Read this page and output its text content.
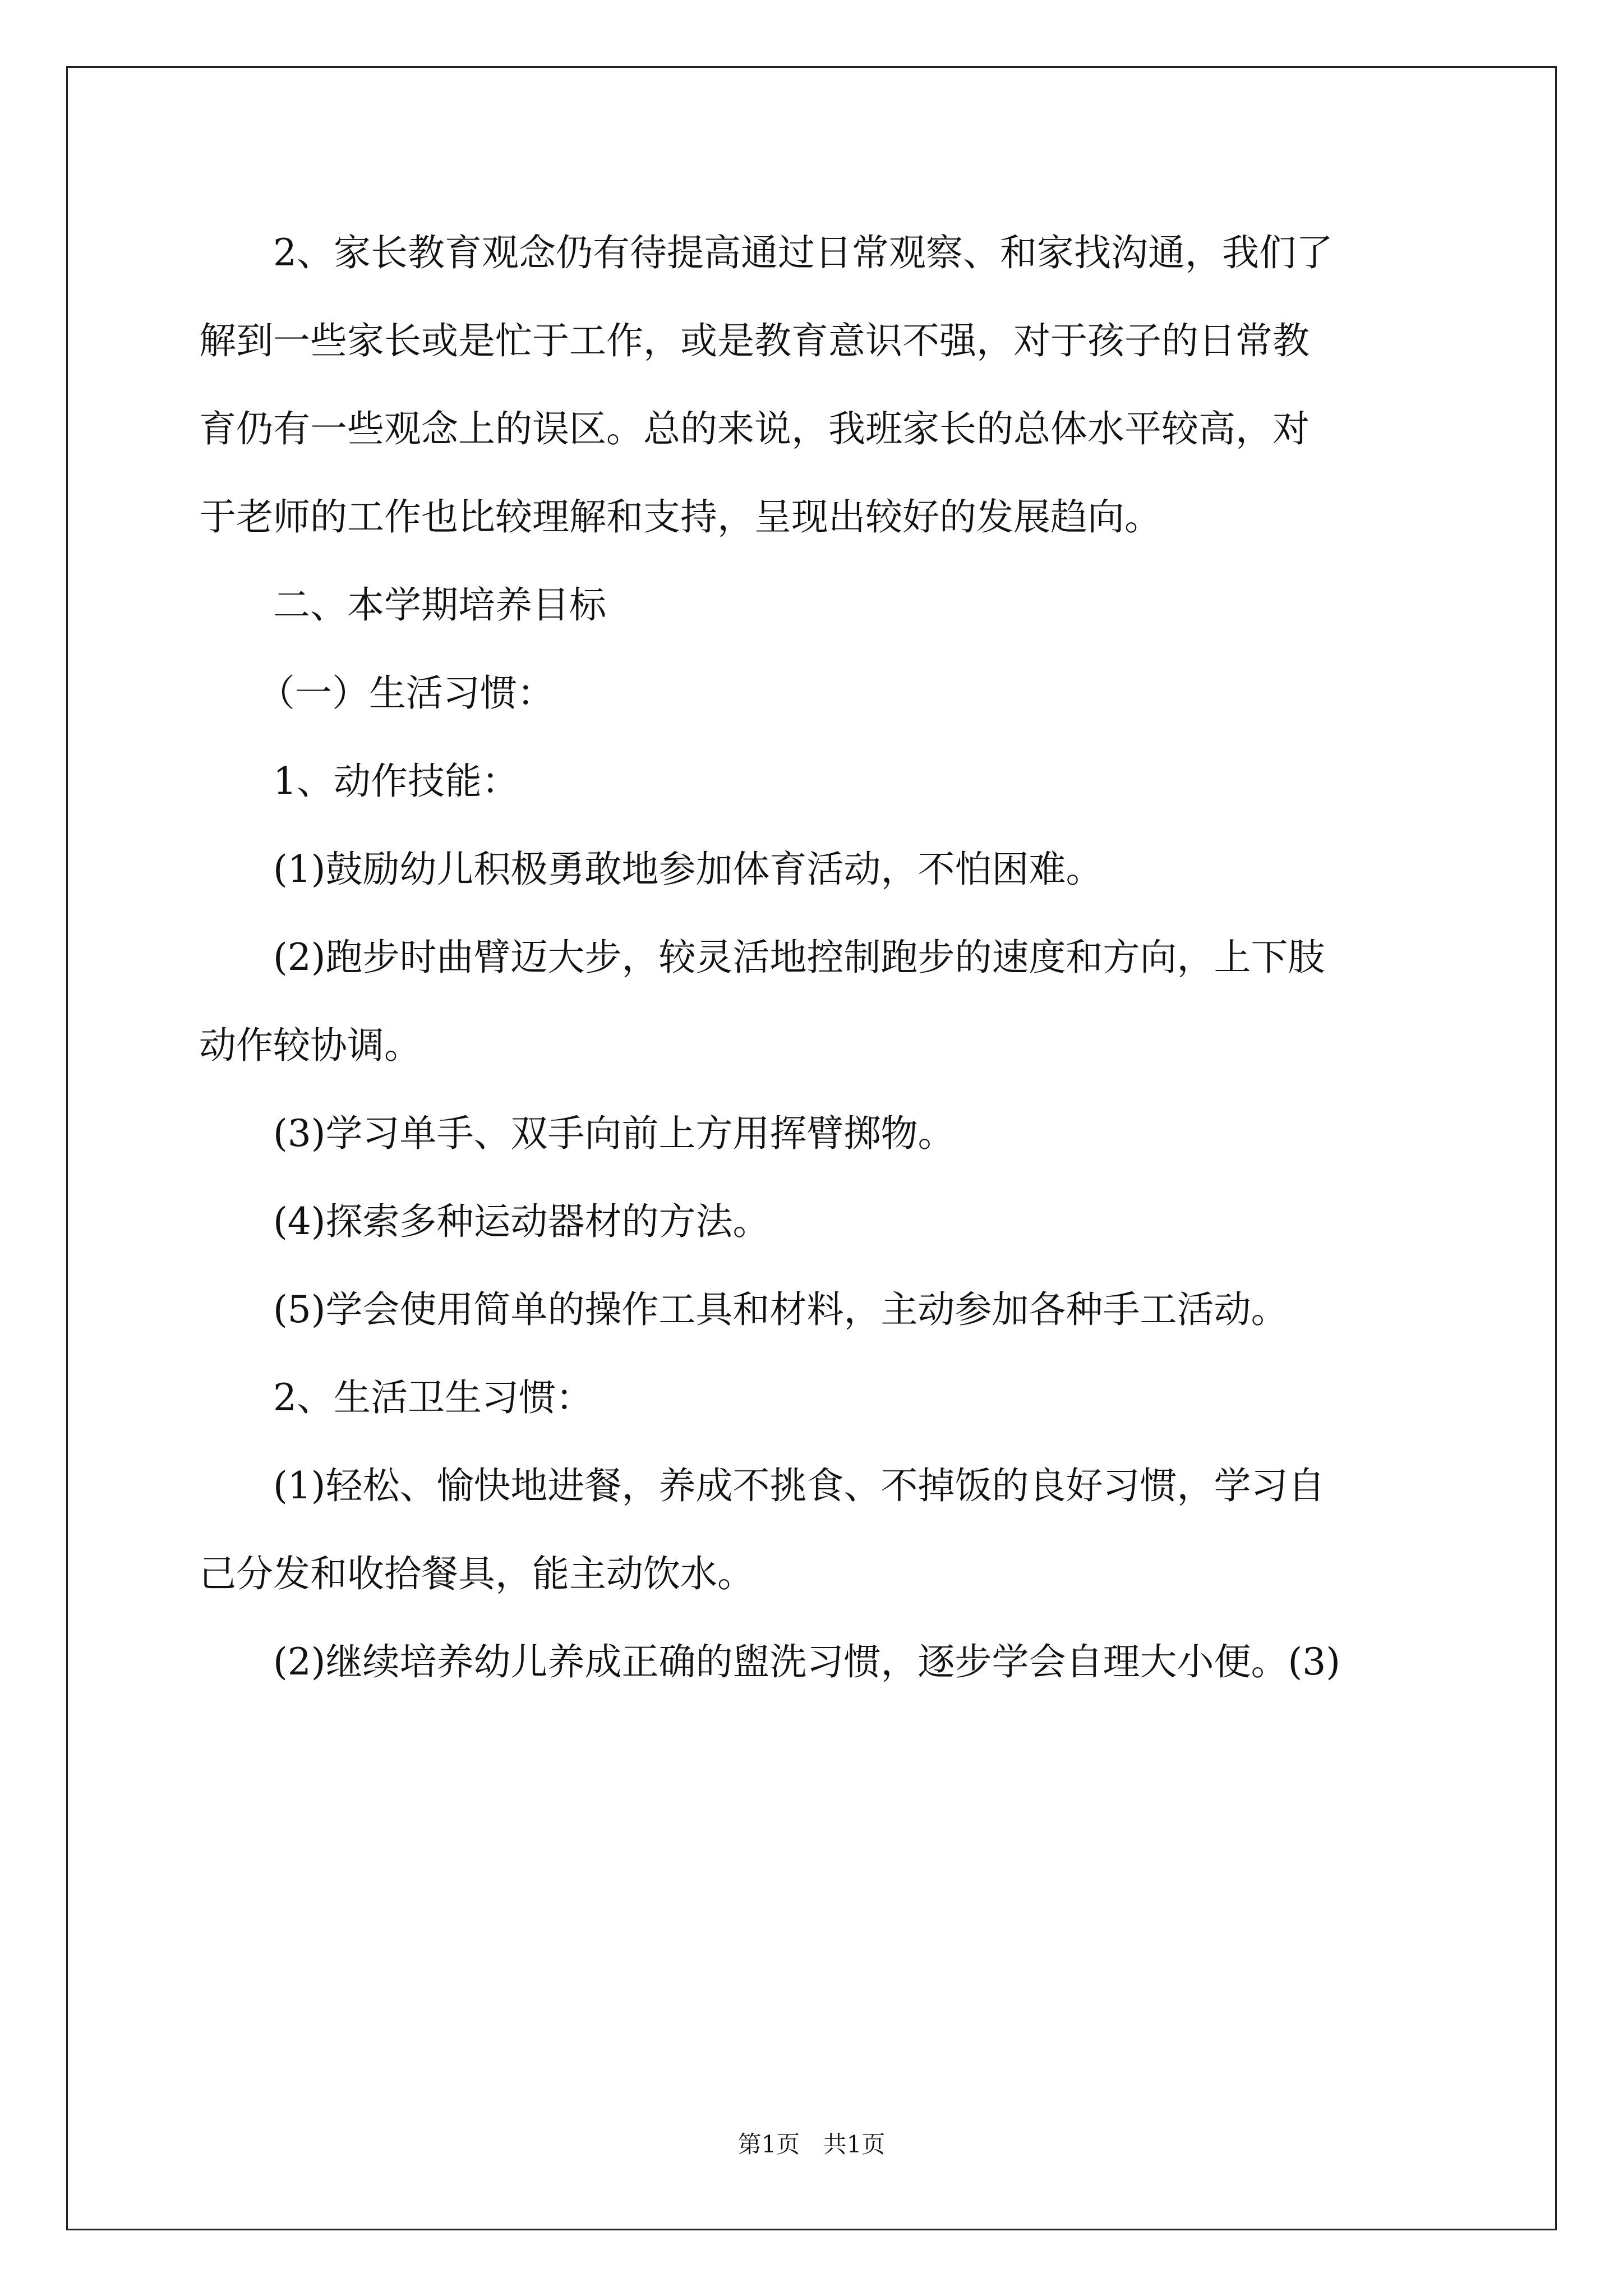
2、家长教育观念仍有待提高通过日常观察、和家找沟通，我们了
解到一些家长或是忙于工作，或是教育意识不强，对于孩子的日常教
育仍有一些观念上的误区。总的来说，我班家长的总体水平较高，对
于老师的工作也比较理解和支持，呈现出较好的发展趋向。
二、本学期培养目标
（一）生活习惯：
1、动作技能：
(1)鼓励幼儿积极勇敢地参加体育活动，不怕困难。
(2)跑步时曲臂迈大步，较灵活地控制跑步的速度和方向，上下肢
动作较协调。
(3)学习单手、双手向前上方用挥臂掷物。
(4)探索多种运动器材的方法。
(5)学会使用简单的操作工具和材料，主动参加各种手工活动。
2、生活卫生习惯：
(1)轻松、愉快地进餐，养成不挑食、不掉饭的良好习惯，学习自
己分发和收拾餐具，能主动饮水。
(2)继续培养幼儿养成正确的盥洗习惯，逐步学会自理大小便。(3)
第1页 共1页
